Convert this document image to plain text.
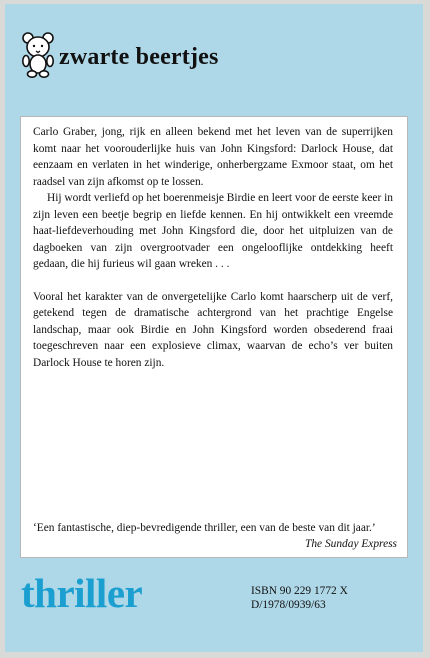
zwarte beertjes

Carlo Graber, jong, rijk en alleen bekend met het leven van de superrijken komt naar het voorouderlijke huis van John Kingsford: Darlock House, dat eenzaam en verlaten in het winderige, onherbergzame Exmoor staat, om het raadsel van zijn afkomst op te lossen.

Hij wordt verliefd op het boerenmeisje Birdie en leert voor de eerste keer in zijn leven een beetje begrip en liefde kennen. En hij ontwikkelt een vreemde haat-liefdeverhouding met John Kingsford die, door het uitpluizen van de dagboeken van zijn overgrootvader een ongelooflijke ontdekking heeft gedaan, die hij furieus wil gaan wreken . . .

Vooral het karakter van de onvergetelijke Carlo komt haarscherp uit de verf, getekend tegen de dramatische achtergrond van het prachtige Engelse landschap, maar ook Birdie en John Kingsford worden obsederend fraai toegeschreven naar een explosieve climax, waarvan de echo’s ver buiten Darlock House te horen zijn.

‘Een fantastische, diep-bevredigende thriller, een van de beste van dit jaar.’
The Sunday Express
thriller	ISBN 90 229 1772 X
D/1978/0939/63
